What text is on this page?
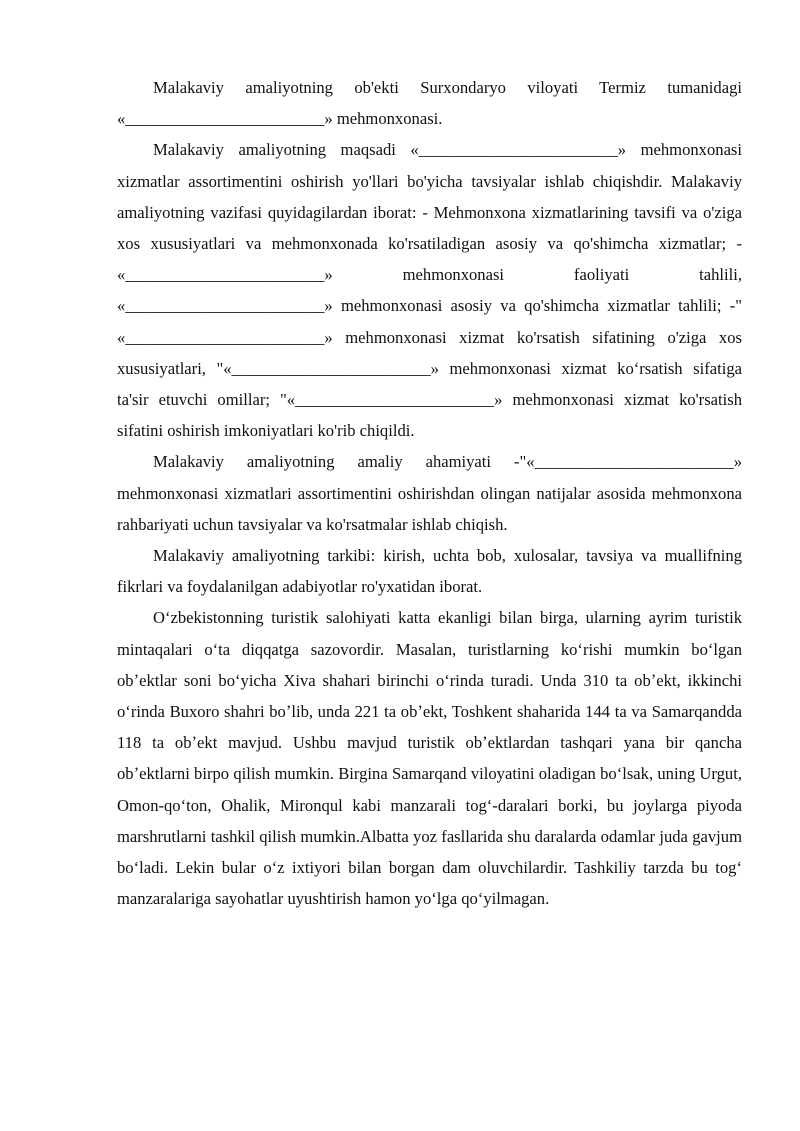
Malakaviy amaliyotning ob'ekti Surxondaryo viloyati Termiz tumanidagi «________________________» mehmonxonasi.

Malakaviy amaliyotning maqsadi «________________________» mehmonxonasi xizmatlar assortimentini oshirish yo'llari bo'yicha tavsiyalar ishlab chiqishdir. Malakaviy amaliyotning vazifasi quyidagilardan iborat: - Mehmonxona xizmatlarining tavsifi va o'ziga xos xususiyatlari va mehmonxonada ko'rsatiladigan asosiy va qo'shimcha xizmatlar; - «________________________» mehmonxonasi faoliyati tahlili, «________________________» mehmonxonasi asosiy va qo'shimcha xizmatlar tahlili; -" «________________________» mehmonxonasi xizmat ko'rsatish sifatining o'ziga xos xususiyatlari, "«________________________» mehmonxonasi xizmat koʻrsatish sifatiga ta'sir etuvchi omillar; "«________________________» mehmonxonasi xizmat ko'rsatish sifatini oshirish imkoniyatlari ko'rib chiqildi.

Malakaviy amaliyotning amaliy ahamiyati -"«________________________» mehmonxonasi xizmatlari assortimentini oshirishdan olingan natijalar asosida mehmonxona rahbariyati uchun tavsiyalar va ko'rsatmalar ishlab chiqish.

Malakaviy amaliyotning tarkibi: kirish, uchta bob, xulosalar, tavsiya va muallifning fikrlari va foydalanilgan adabiyotlar ro'yxatidan iborat.

Oʻzbekistonning turistik salohiyati katta ekanligi bilan birga, ularning ayrim turistik mintaqalari oʻta diqqatga sazovordir. Masalan, turistlarning koʻrishi mumkin boʻlgan obʼektlar soni boʻyicha Xiva shahari birinchi oʻrinda turadi. Unda 310 ta obʼekt, ikkinchi oʻrinda Buxoro shahri boʼlib, unda 221 ta obʼekt, Toshkent shaharida 144 ta va Samarqandda 118 ta obʼekt mavjud. Ushbu mavjud turistik obʼektlardan tashqari yana bir qancha obʼektlarni birpo qilish mumkin. Birgina Samarqand viloyatini oladigan boʻlsak, uning Urgut, Omon-qoʻton, Ohalik, Mironqul kabi manzarali togʻ-daralari borki, bu joylarga piyoda marshrutlarni tashkil qilish mumkin.Albatta yoz fasllarida shu daralarda odamlar juda gavjum boʻladi. Lekin bular oʻz ixtiyori bilan borgan dam oluvchilardir. Tashkiliy tarzda bu togʻ manzaralariga sayohatlar uyushtirish hamon yoʻlga qoʻyilmagan.
